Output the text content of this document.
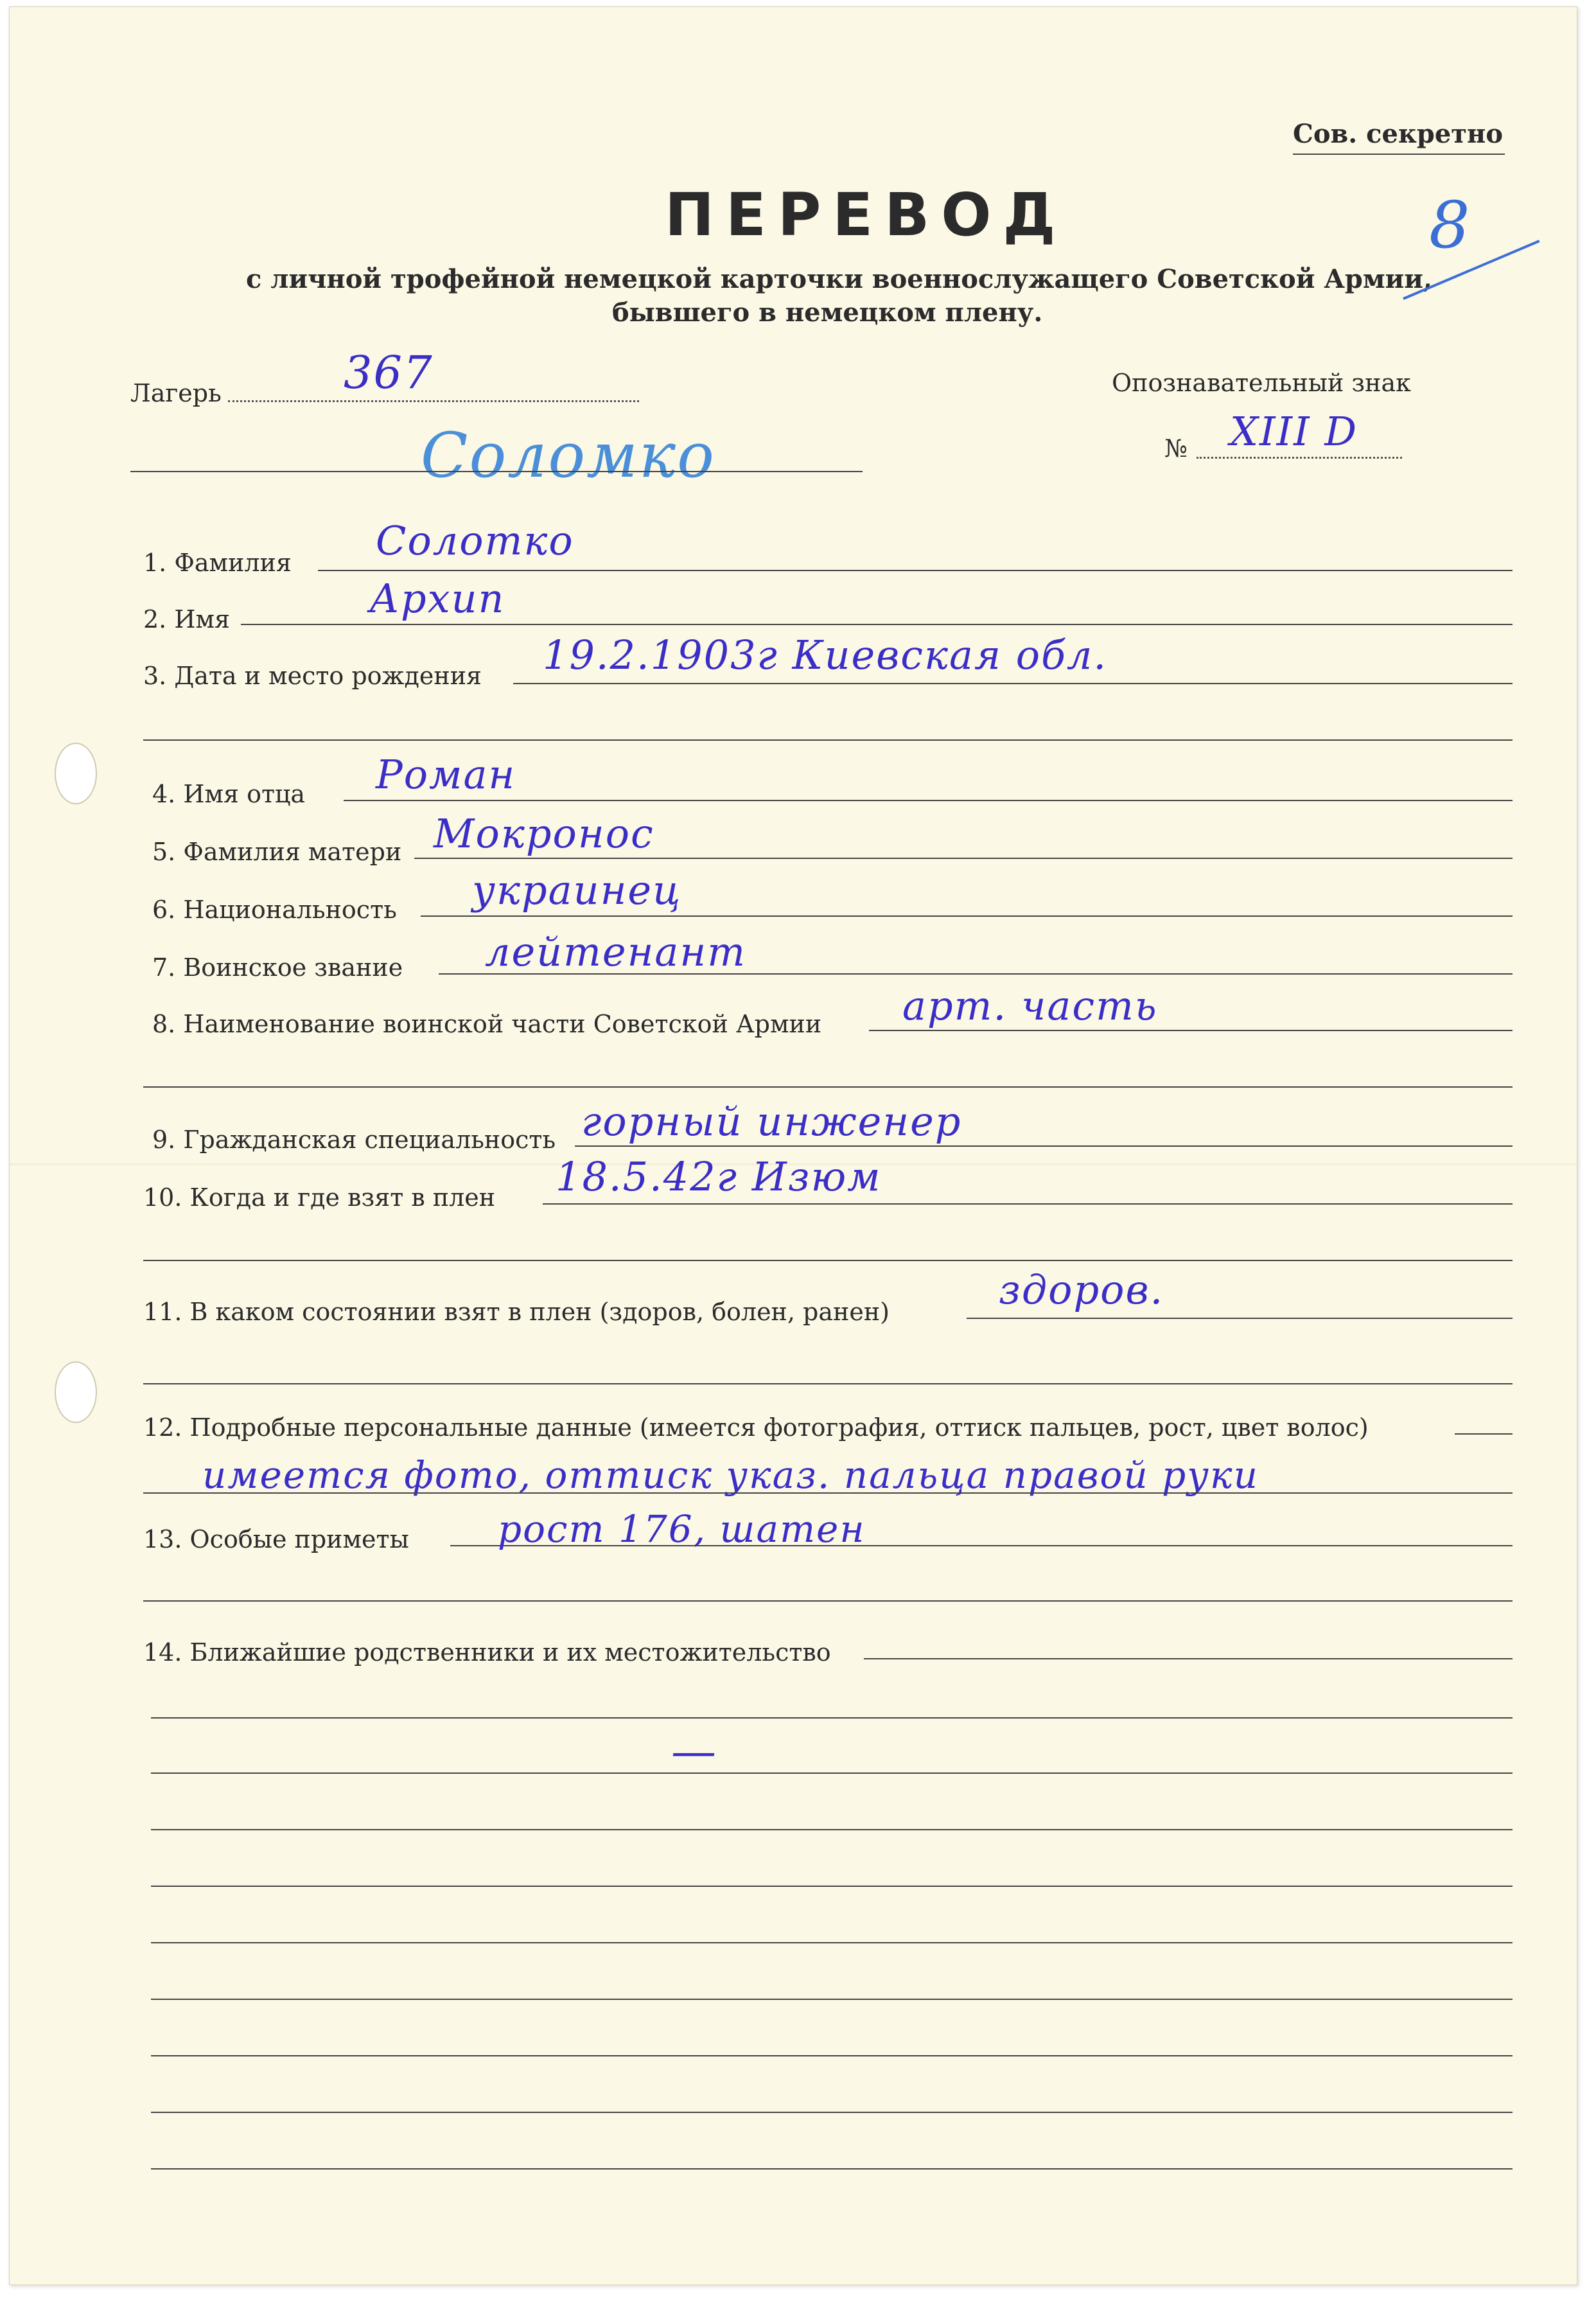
Сов. секретно
ПЕРЕВОД
с личной трофейной немецкой карточки военнослужащего Советской Армии,
бывшего в немецком плену.
8
Лагерь	367	Опознавательный знак
№ XIII D
Соломко
1. Фамилия Солотко
2. Имя	Архип
3. Дата и место рождения 19.2.1903г Киевская обл.
4. Имя отца Роман
5. Фамилия матери Мокронос
6. Национальность украинец
7. Воинское звание лейтенант
8. Наименование воинской части Советской Армии арт. часть
9. Гражданская специальность горный инженер
10. Когда и где взят в плен 18.5.42г Изюм
11. В каком состоянии взят в плен (здоров, болен, ранен)	здоров.
12. Подробные персональные данные (имеется фотография, оттиск пальцев, рост, цвет волос)
имеется фото, оттиск указ. пальца правой руки
13. Особые приметы рост 176, шатен
14. Ближайшие родственники и их местожительство
—
